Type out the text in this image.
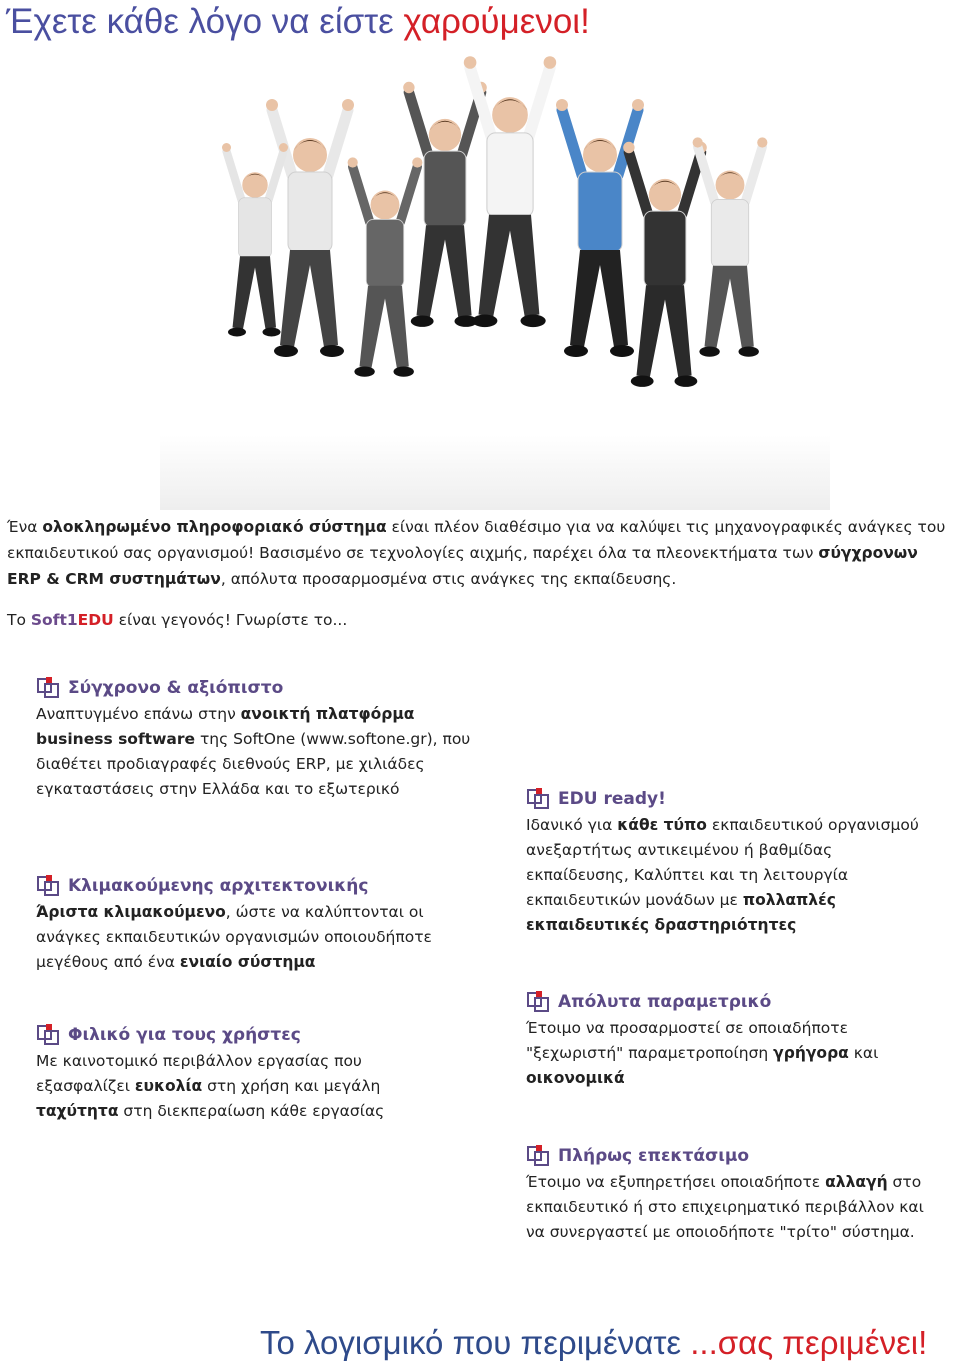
Έχετε κάθε λόγο να είστε χαρούμενοι!

Ένα ολοκληρωμένο πληροφοριακό σύστημα είναι πλέον διαθέσιμο για να καλύψει τις μηχανογραφικές ανάγκες του εκπαιδευτικού σας οργανισμού! Βασισμένο σε τεχνολογίες αιχμής, παρέχει όλα τα πλεονεκτήματα των σύγχρονων ERP & CRM συστημάτων, απόλυτα προσαρμοσμένα στις ανάγκες της εκπαίδευσης.

Το Soft1EDU είναι γεγονός! Γνωρίστε το...

Σύγχρονο & αξιόπιστο
Αναπτυγμένο επάνω στην ανοικτή πλατφόρμα
business software της SoftOne (www.softone.gr), που διαθέτει προδιαγραφές διεθνούς ERP, με χιλιάδες εγκαταστάσεις στην Ελλάδα και το εξωτερικό
Κλιμακούμενης αρχιτεκτονικής
Άριστα κλιμακούμενο, ώστε να καλύπτονται οι ανάγκες εκπαιδευτικών οργανισμών οποιουδήποτε μεγέθους από ένα ενιαίο σύστημα
Φιλικό για τους χρήστες
Με καινοτομικό περιβάλλον εργασίας που εξασφαλίζει ευκολία στη χρήση και μεγάλη ταχύτητα στη διεκπεραίωση κάθε εργασίας
EDU ready!
Ιδανικό για κάθε τύπο εκπαιδευτικού οργανισμού ανεξαρτήτως αντικειμένου ή βαθμίδας εκπαίδευσης, Καλύπτει και τη λειτουργία εκπαιδευτικών μονάδων με πολλαπλές εκπαιδευτικές δραστηριότητες
Απόλυτα παραμετρικό
Έτοιμο να προσαρμοστεί σε οποιαδήποτε "ξεχωριστή" παραμετροποίηση γρήγορα και οικονομικά
Πλήρως επεκτάσιμο
Έτοιμο να εξυπηρετήσει οποιαδήποτε αλλαγή στο εκπαιδευτικό ή στο επιχειρηματικό περιβάλλον και να συνεργαστεί με οποιοδήποτε "τρίτο" σύστημα.
Το λογισμικό που περιμένατε ...σας περιμένει!
